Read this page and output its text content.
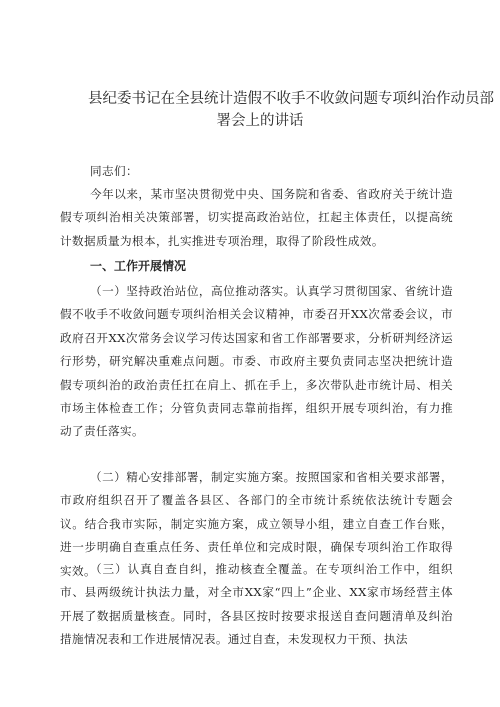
县纪委书记在全县统计造假不收手不收敛问题专项纠治作动员部
署会上的讲话
同志们：
今年以来，某市坚决贯彻党中央、国务院和省委、省政府关于统计造假专项纠治相关决策部署，切实提高政治站位，扛起主体责任，以提高统计数据质量为根本，扎实推进专项治理，取得了阶段性成效。
一、工作开展情况
（一）坚持政治站位，高位推动落实。认真学习贯彻国家、省统计造假不收手不收敛问题专项纠治相关会议精神，市委召开XX次常委会议，市政府召开XX次常务会议学习传达国家和省工作部署要求，分析研判经济运行形势，研究解决重难点问题。市委、市政府主要负责同志坚决把统计造假专项纠治的政治责任扛在肩上、抓在手上，多次带队赴市统计局、相关市场主体检查工作；分管负责同志靠前指挥，组织开展专项纠治，有力推动了责任落实。
（二）精心安排部署，制定实施方案。按照国家和省相关要求部署，市政府组织召开了覆盖各县区、各部门的全市统计系统依法统计专题会议。结合我市实际，制定实施方案，成立领导小组，建立自查工作台账，进一步明确自查重点任务、责任单位和完成时限，确保专项纠治工作取得实效。
（三）认真自查自纠，推动核查全覆盖。在专项纠治工作中，组织市、县两级统计执法力量，对全市XX家“四上”企业、XX家市场经营主体开展了数据质量核查。同时，各县区按时按要求报送自查问题清单及纠治措施情况表和工作进展情况表。通过自查，未发现权力干预、执法
